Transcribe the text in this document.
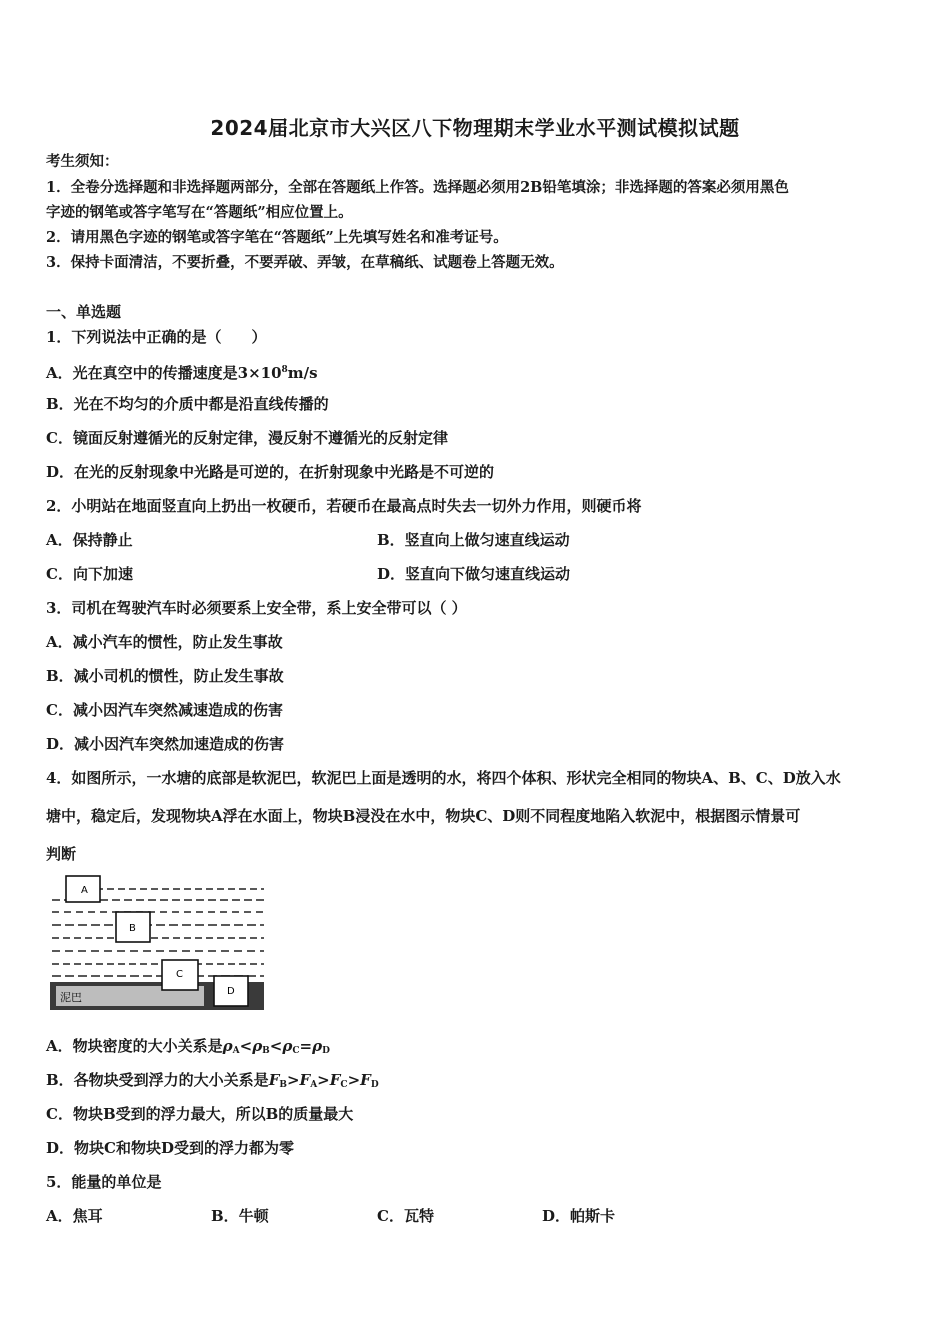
2024届北京市大兴区八下物理期末学业水平测试模拟试题
考生须知：
1．全卷分选择题和非选择题两部分，全部在答题纸上作答。选择题必须用2B铅笔填涂；非选择题的答案必须用黑色
字迹的钢笔或答字笔写在“答题纸”相应位置上。
2．请用黑色字迹的钢笔或答字笔在“答题纸”上先填写姓名和准考证号。
3．保持卡面清洁，不要折叠，不要弄破、弄皱，在草稿纸、试题卷上答题无效。
一、单选题
1．下列说法中正确的是（　　）
A．光在真空中的传播速度是$3\times 10^8m/s$
B．光在不均匀的介质中都是沿直线传播的
C．镜面反射遵循光的反射定律，漫反射不遵循光的反射定律
D．在光的反射现象中光路是可逆的，在折射现象中光路是不可逆的
2．小明站在地面竖直向上扔出一枚硬币，若硬币在最高点时失去一切外力作用，则硬币将
A．保持静止	B．竖直向上做匀速直线运动
C．向下加速	D．竖直向下做匀速直线运动
3．司机在驾驶汽车时必须要系上安全带，系上安全带可以（ ）
A．减小汽车的惯性，防止发生事故
B．减小司机的惯性，防止发生事故
C．减小因汽车突然减速造成的伤害
D．减小因汽车突然加速造成的伤害
4．如图所示，一水塘的底部是软泥巴，软泥巴上面是透明的水，将四个体积、形状完全相同的物块A、B、C、D放入水
塘中，稳定后，发现物块A浮在水面上，物块B浸没在水中，物块C、D则不同程度地陷入软泥中，根据图示情景可
判断
泥巴
A
B
C
D
A．物块密度的大小关系是$\rho_A<\rho_B<\rho_C=\rho_D$
B．各物块受到浮力的大小关系是$F_B>F_A>F_C>F_D$
C．物块B受到的浮力最大，所以B的质量最大
D．物块C和物块D受到的浮力都为零
5．能量的单位是
A．焦耳	B．牛顿	C．瓦特	D．帕斯卡
